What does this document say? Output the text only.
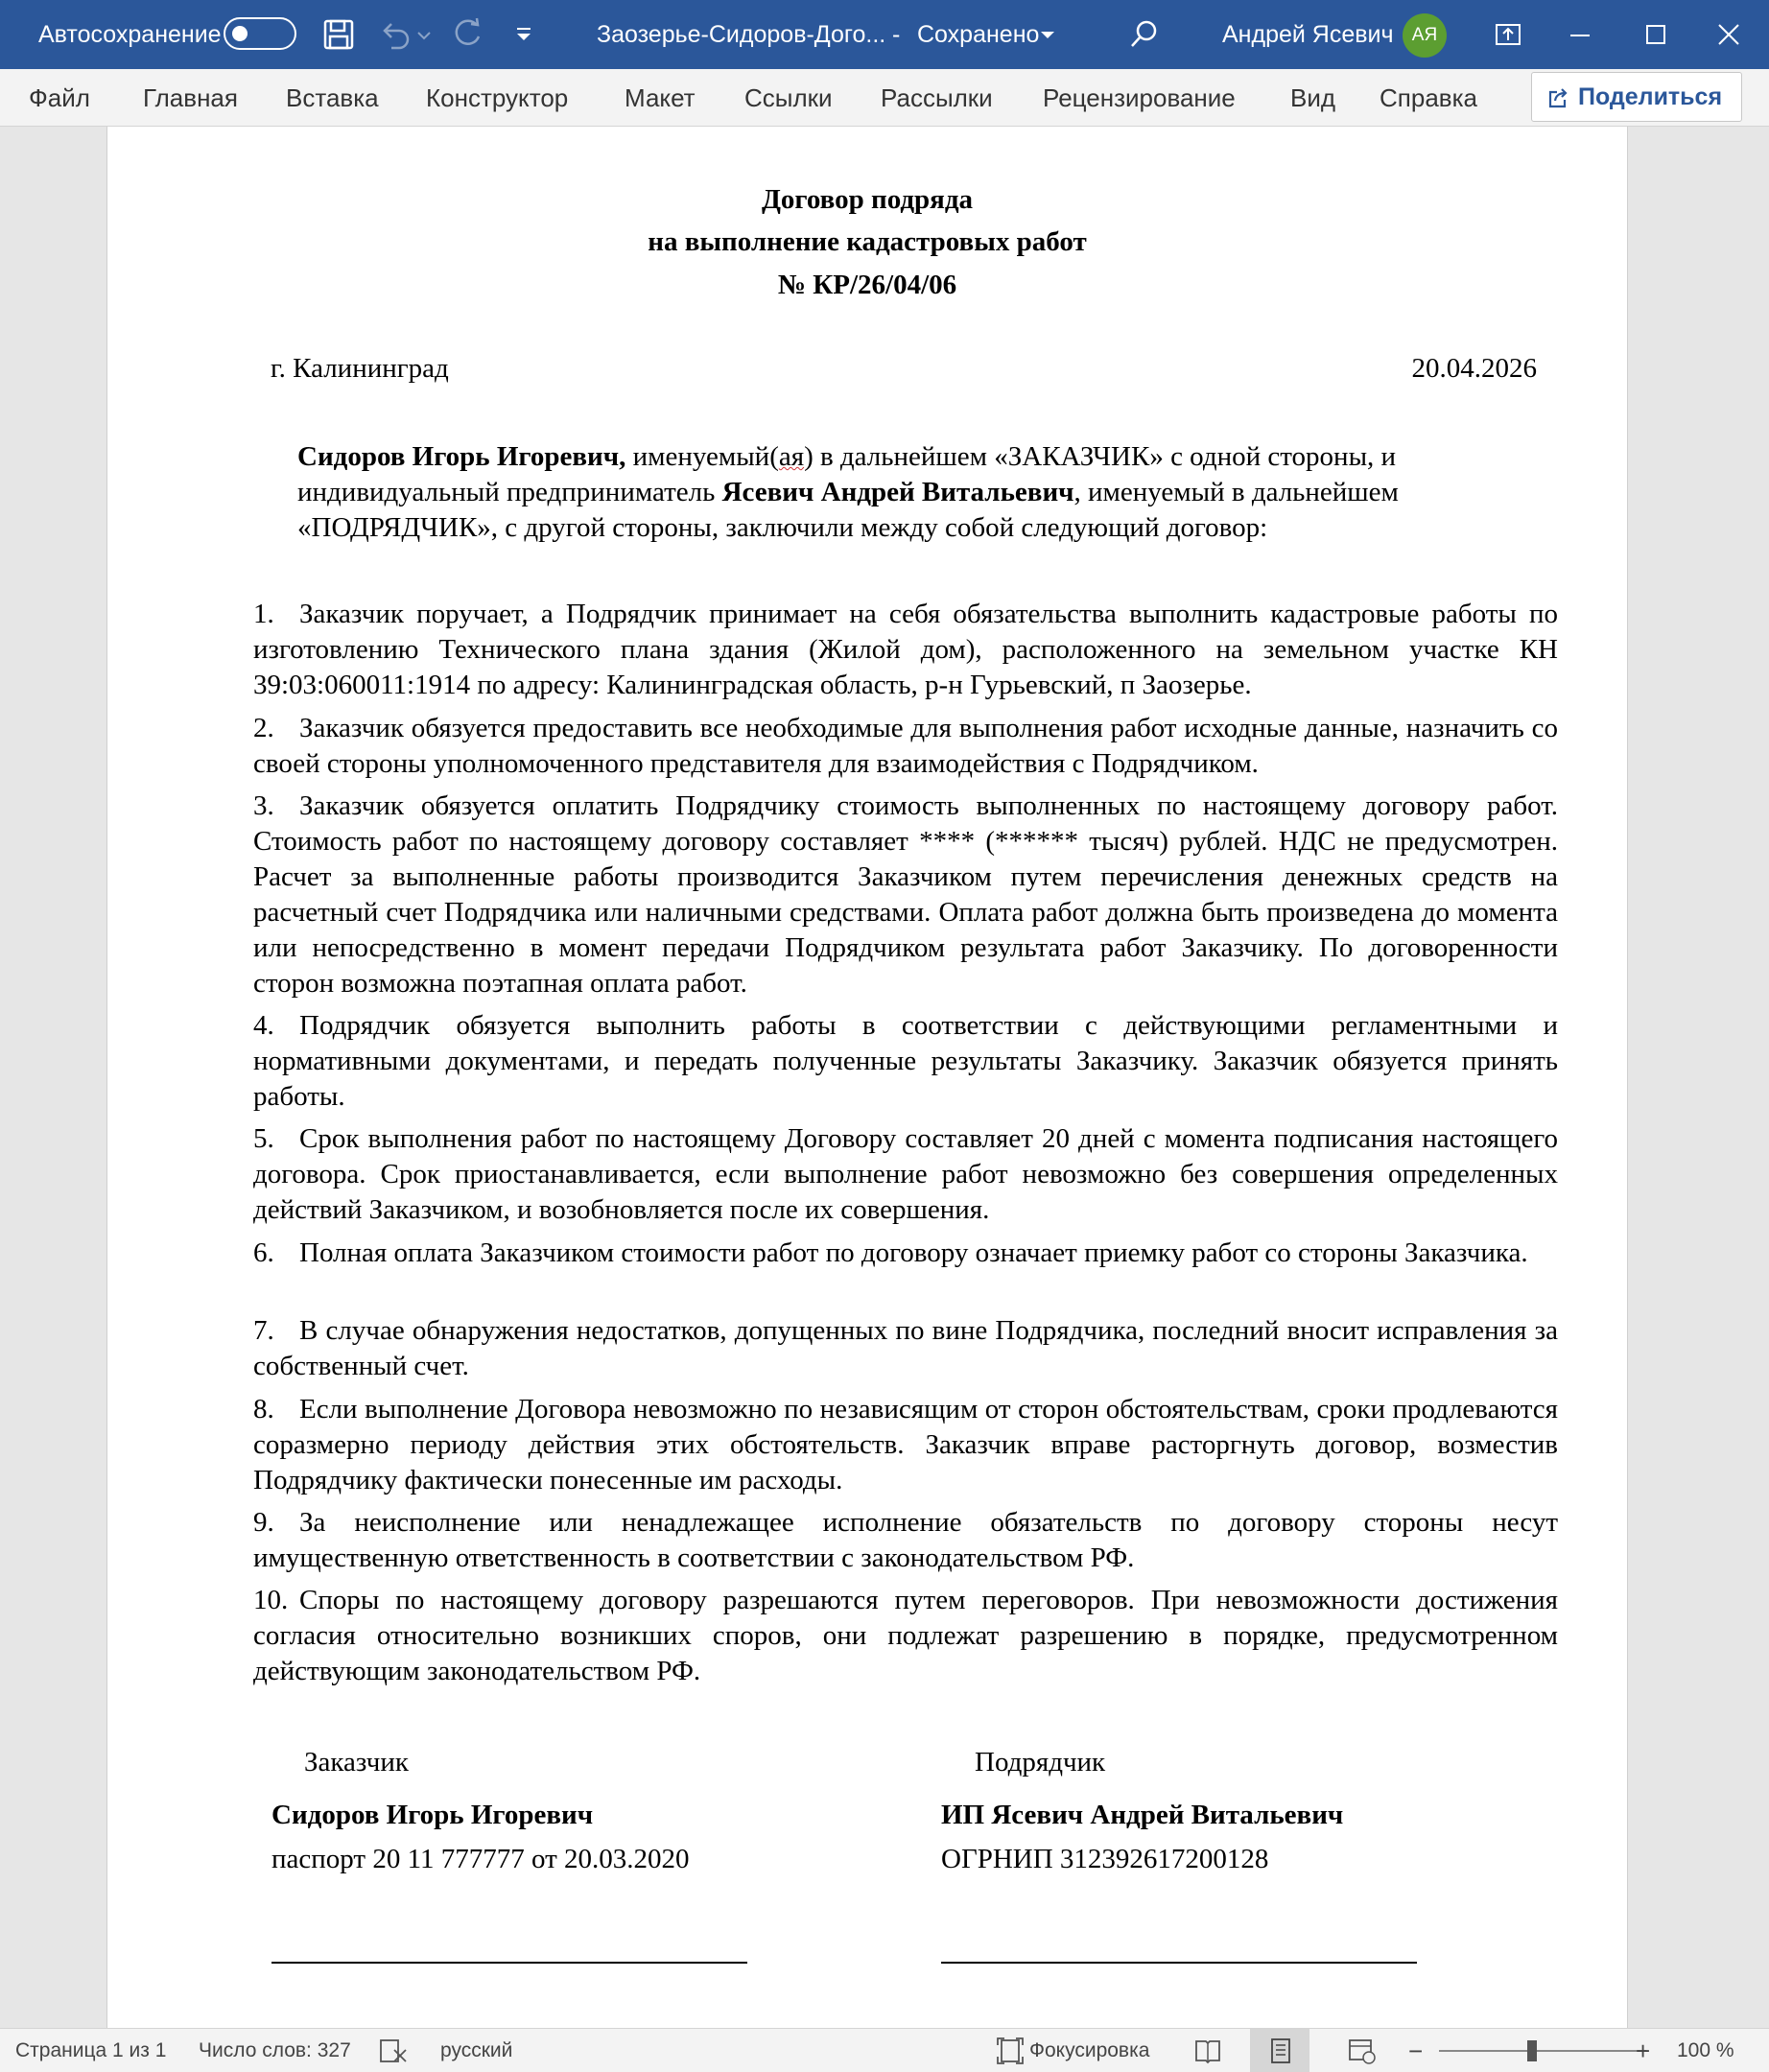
Автосохранение	Заозерье-Сидоров-Дого... - Сохранено	Андрей Ясевич	АЯ
Файл Главная Вставка Конструктор Макет Ссылки Рассылки Рецензирование Вид Справка	Поделиться
Договор подряда
на выполнение кадастровых работ
№ КР/26/04/06
г. Калининград	20.04.2026
Сидоров Игорь Игоревич, именуемый(ая) в дальнейшем «ЗАКАЗЧИК» с одной стороны, и
индивидуальный предприниматель Ясевич Андрей Витальевич, именуемый в дальнейшем
«ПОДРЯДЧИК», с другой стороны, заключили между собой следующий договор:
1. Заказчик поручает, а Подрядчик принимает на себя обязательства выполнить кадастровые работы по изготовлению Технического плана здания (Жилой дом), расположенного на земельном участке КН 39:03:060011:1914 по адресу: Калининградская область, р-н Гурьевский, п Заозерье.
2. Заказчик обязуется предоставить все необходимые для выполнения работ исходные данные, назначить со своей стороны уполномоченного представителя для взаимодействия с Подрядчиком.
3. Заказчик обязуется оплатить Подрядчику стоимость выполненных по настоящему договору работ. Стоимость работ по настоящему договору составляет **** (****** тысяч) рублей. НДС не предусмотрен. Расчет за выполненные работы производится Заказчиком путем перечисления денежных средств на расчетный счет Подрядчика или наличными средствами. Оплата работ должна быть произведена до момента или непосредственно в момент передачи Подрядчиком результата работ Заказчику. По договоренности сторон возможна поэтапная оплата работ.
4. Подрядчик обязуется выполнить работы в соответствии с действующими регламентными и нормативными документами, и передать полученные результаты Заказчику. Заказчик обязуется принять работы.
5. Срок выполнения работ по настоящему Договору составляет 20 дней с момента подписания настоящего договора. Срок приостанавливается, если выполнение работ невозможно без совершения определенных действий Заказчиком, и возобновляется после их совершения.
6. Полная оплата Заказчиком стоимости работ по договору означает приемку работ со стороны Заказчика.
7. В случае обнаружения недостатков, допущенных по вине Подрядчика, последний вносит исправления за собственный счет.
8. Если выполнение Договора невозможно по независящим от сторон обстоятельствам, сроки продлеваются соразмерно периоду действия этих обстоятельств. Заказчик вправе расторгнуть договор, возместив Подрядчику фактически понесенные им расходы.
9. За неисполнение или ненадлежащее исполнение обязательств по договору стороны несут имущественную ответственность в соответствии с законодательством РФ.
10. Споры по настоящему договору разрешаются путем переговоров. При невозможности достижения согласия относительно возникших споров, они подлежат разрешению в порядке, предусмотренном действующим законодательством РФ.
Заказчик
Сидоров Игорь Игоревич
паспорт 20 11 777777 от 20.03.2020
Подрядчик
ИП Ясевич Андрей Витальевич
ОГРНИП 312392617200128
Страница 1 из 1 Число слов: 327	русский	Фокусировка	−	+ 100 %
